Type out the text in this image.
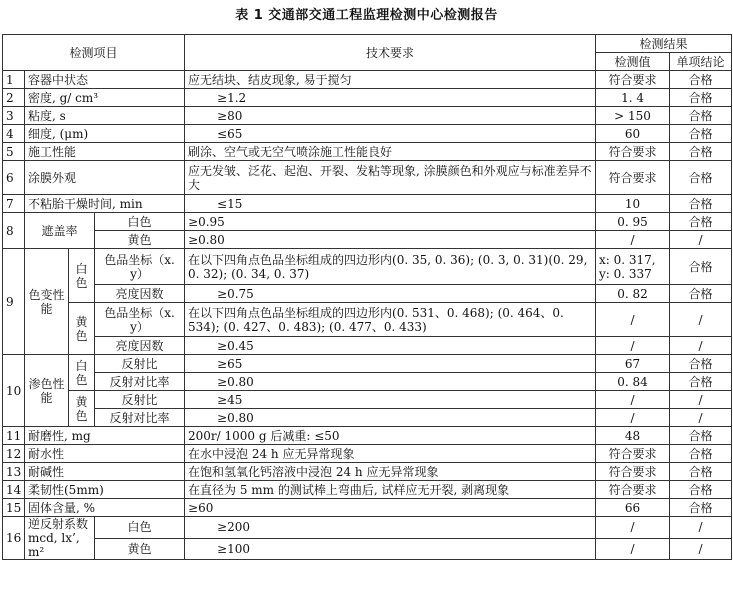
表 1 交通部交通工程监理检测中心检测报告
检测项目				技术要求	检测结果	
					检测值	单项结论
1	容器中状态			应无结块、结皮现象, 易于搅匀	符合要求	合格
2	密度, g/ cm³			≥1.2	1. 4	合格
3	粘度, s			≥80	> 150	合格
4	细度, (μm)			≤65	60	合格
5	施工性能			刷涂、空气或无空气喷涂施工性能良好	符合要求	合格
6	涂膜外观			应无发皱、泛花、起泡、开裂、发粘等现象, 涂膜颜色和外观应与标准差异不大	符合要求	合格
7	不粘胎干燥时间, min			≤15	10	合格
8	遮盖率		白色	≥0.95	0. 95	合格
			黄色	≥0.80	/	/
9	色变性能	白色	色品坐标（x. y）	在以下四角点色品坐标组成的四边形内(0. 35, 0. 36); (0. 3, 0. 31)(0. 29, 0. 32); (0. 34, 0. 37)	x: 0. 317, y: 0. 337	合格
			亮度因数	≥0.75	0. 82	合格
		黄色	色品坐标（x. y）	在以下四角点色品坐标组成的四边形内(0. 531、0. 468); (0. 464、0. 534); (0. 427、0. 483); (0. 477、0. 433)	/	/

			亮度因数	≥0.45	/	/
10	渗色性能	白色	反射比	≥65	67	合格
			反射对比率	≥0.80	0. 84	合格
		黄色	反射比	≥45	/	/
			反射对比率	≥0.80	/	/
11	耐磨性, mg			200r/ 1000 g 后减重: ≤50	48	合格
12	耐水性			在水中浸泡 24 h 应无异常现象	符合要求	合格
13	耐碱性			在饱和氢氧化钙溶液中浸泡 24 h 应无异常现象	符合要求	合格
14	柔韧性(5mm)			在直径为 5 mm 的测试棒上弯曲后, 试样应无开裂, 剥离现象	符合要求	合格
15	固体含量, %			≥60	66	合格
16	逆反射系数 mcd, lx’, m²		白色	≥200	/	/
			黄色	≥100	/	/
